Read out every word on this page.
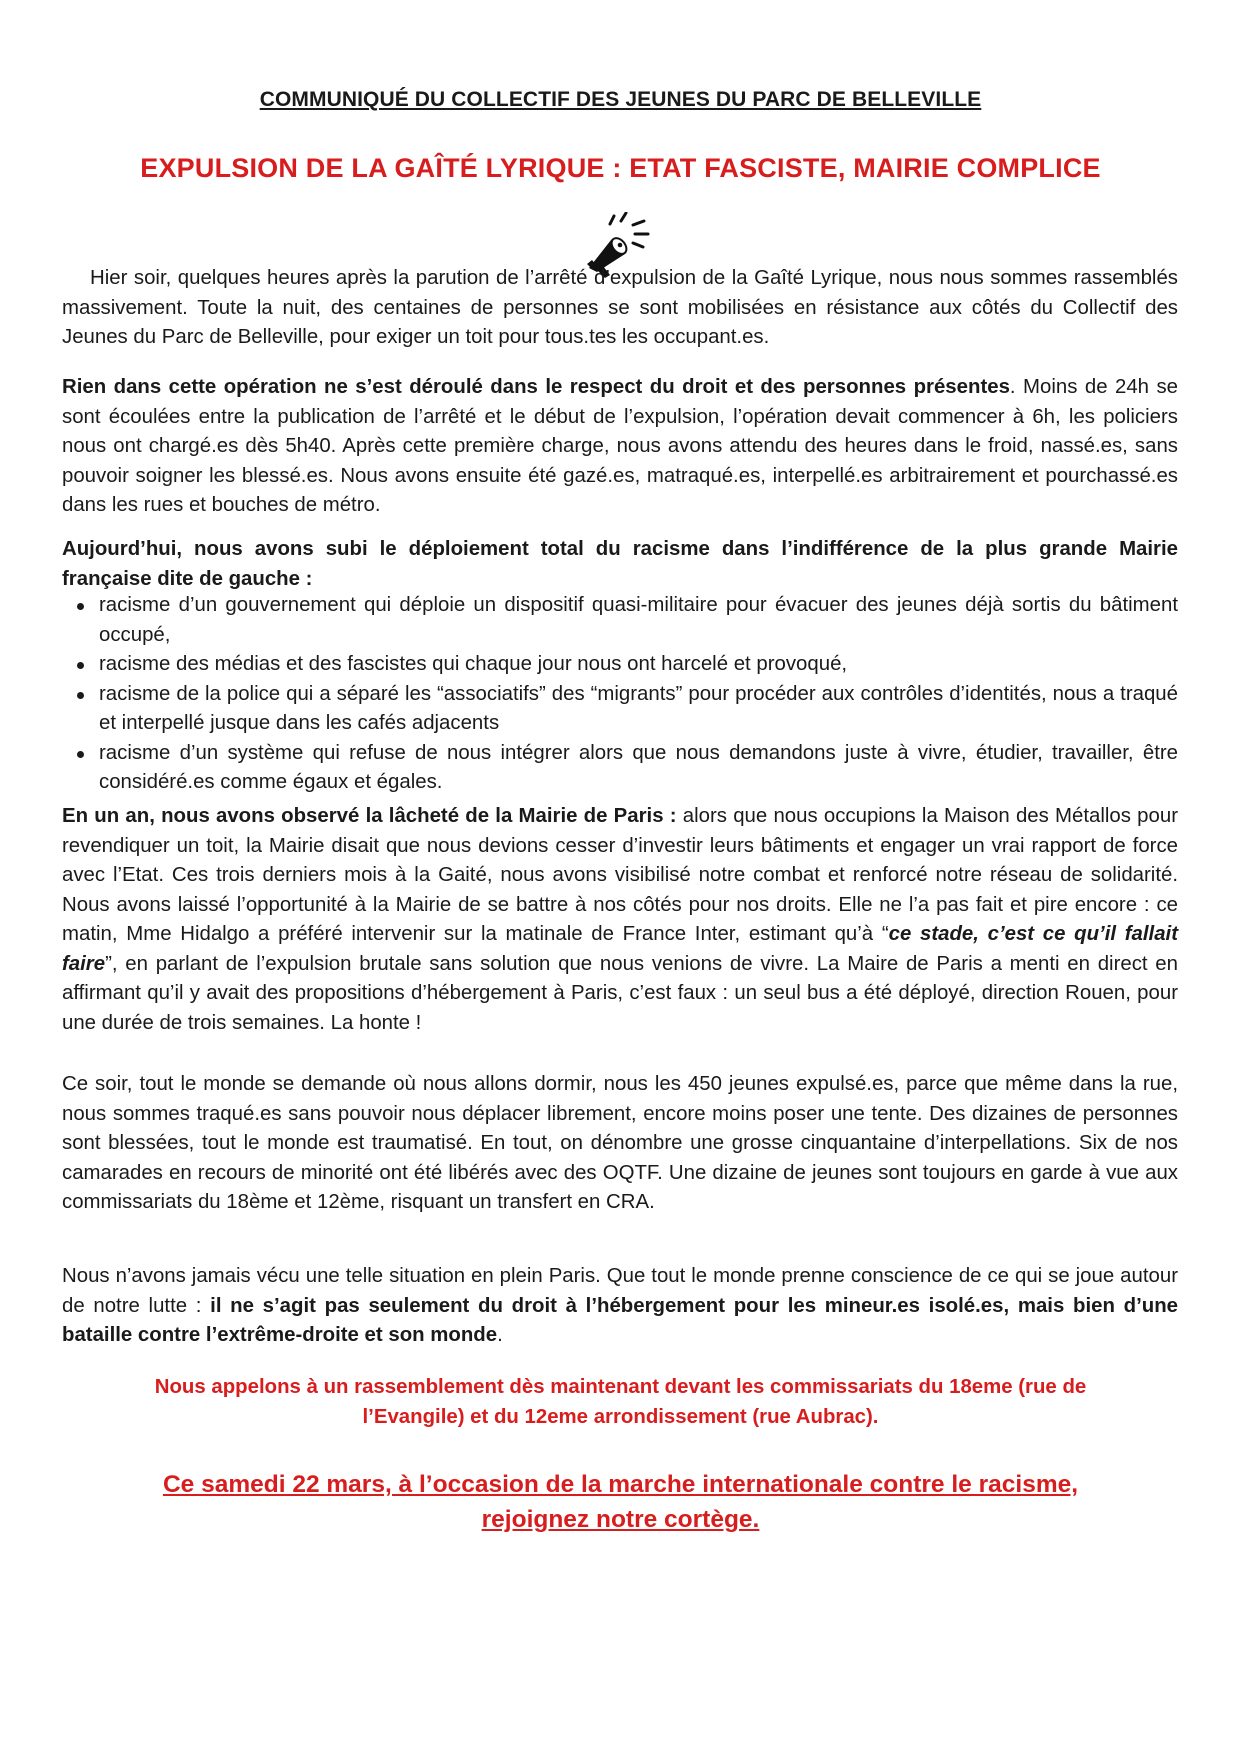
COMMUNIQUÉ DU COLLECTIF DES JEUNES DU PARC DE BELLEVILLE
EXPULSION DE LA GAÎTÉ LYRIQUE : ETAT FASCISTE, MAIRIE COMPLICE

Hier soir, quelques heures après la parution de l’arrêté d’expulsion de la Gaîté Lyrique, nous nous sommes rassemblés massivement. Toute la nuit, des centaines de personnes se sont mobilisées en résistance aux côtés du Collectif des Jeunes du Parc de Belleville, pour exiger un toit pour tous.tes les occupant.es.

Rien dans cette opération ne s’est déroulé dans le respect du droit et des personnes présentes. Moins de 24h se sont écoulées entre la publication de l’arrêté et le début de l’expulsion, l’opération devait commencer à 6h, les policiers nous ont chargé.es dès 5h40. Après cette première charge, nous avons attendu des heures dans le froid, nassé.es, sans pouvoir soigner les blessé.es. Nous avons ensuite été gazé.es, matraqué.es, interpellé.es arbitrairement et pourchassé.es dans les rues et bouches de métro.

Aujourd’hui, nous avons subi le déploiement total du racisme dans l’indifférence de la plus grande Mairie française dite de gauche :

racisme d’un gouvernement qui déploie un dispositif quasi-militaire pour évacuer des jeunes déjà sortis du bâtiment occupé,
racisme des médias et des fascistes qui chaque jour nous ont harcelé et provoqué,
racisme de la police qui a séparé les “associatifs” des “migrants” pour procéder aux contrôles d’identités, nous a traqué et interpellé jusque dans les cafés adjacents
racisme d’un système qui refuse de nous intégrer alors que nous demandons juste à vivre, étudier, travailler, être considéré.es comme égaux et égales.

En un an, nous avons observé la lâcheté de la Mairie de Paris : alors que nous occupions la Maison des Métallos pour revendiquer un toit, la Mairie disait que nous devions cesser d’investir leurs bâtiments et engager un vrai rapport de force avec l’Etat. Ces trois derniers mois à la Gaité, nous avons visibilisé notre combat et renforcé notre réseau de solidarité. Nous avons laissé l’opportunité à la Mairie de se battre à nos côtés pour nos droits. Elle ne l’a pas fait et pire encore : ce matin, Mme Hidalgo a préféré intervenir sur la matinale de France Inter, estimant qu’à “ce stade, c’est ce qu’il fallait faire”, en parlant de l’expulsion brutale sans solution que nous venions de vivre. La Maire de Paris a menti en direct en affirmant qu’il y avait des propositions d’hébergement à Paris, c’est faux : un seul bus a été déployé, direction Rouen, pour une durée de trois semaines. La honte !

Ce soir, tout le monde se demande où nous allons dormir, nous les 450 jeunes expulsé.es, parce que même dans la rue, nous sommes traqué.es sans pouvoir nous déplacer librement, encore moins poser une tente. Des dizaines de personnes sont blessées, tout le monde est traumatisé. En tout, on dénombre une grosse cinquantaine d’interpellations. Six de nos camarades en recours de minorité ont été libérés avec des OQTF. Une dizaine de jeunes sont toujours en garde à vue aux commissariats du 18ème et 12ème, risquant un transfert en CRA.

Nous n’avons jamais vécu une telle situation en plein Paris. Que tout le monde prenne conscience de ce qui se joue autour de notre lutte : il ne s’agit pas seulement du droit à l’hébergement pour les mineur.es isolé.es, mais bien d’une bataille contre l’extrême-droite et son monde.

Nous appelons à un rassemblement dès maintenant devant les commissariats du 18eme (rue de
l’Evangile) et du 12eme arrondissement (rue Aubrac).
Ce samedi 22 mars, à l’occasion de la marche internationale contre le racisme,
rejoignez notre cortège.
